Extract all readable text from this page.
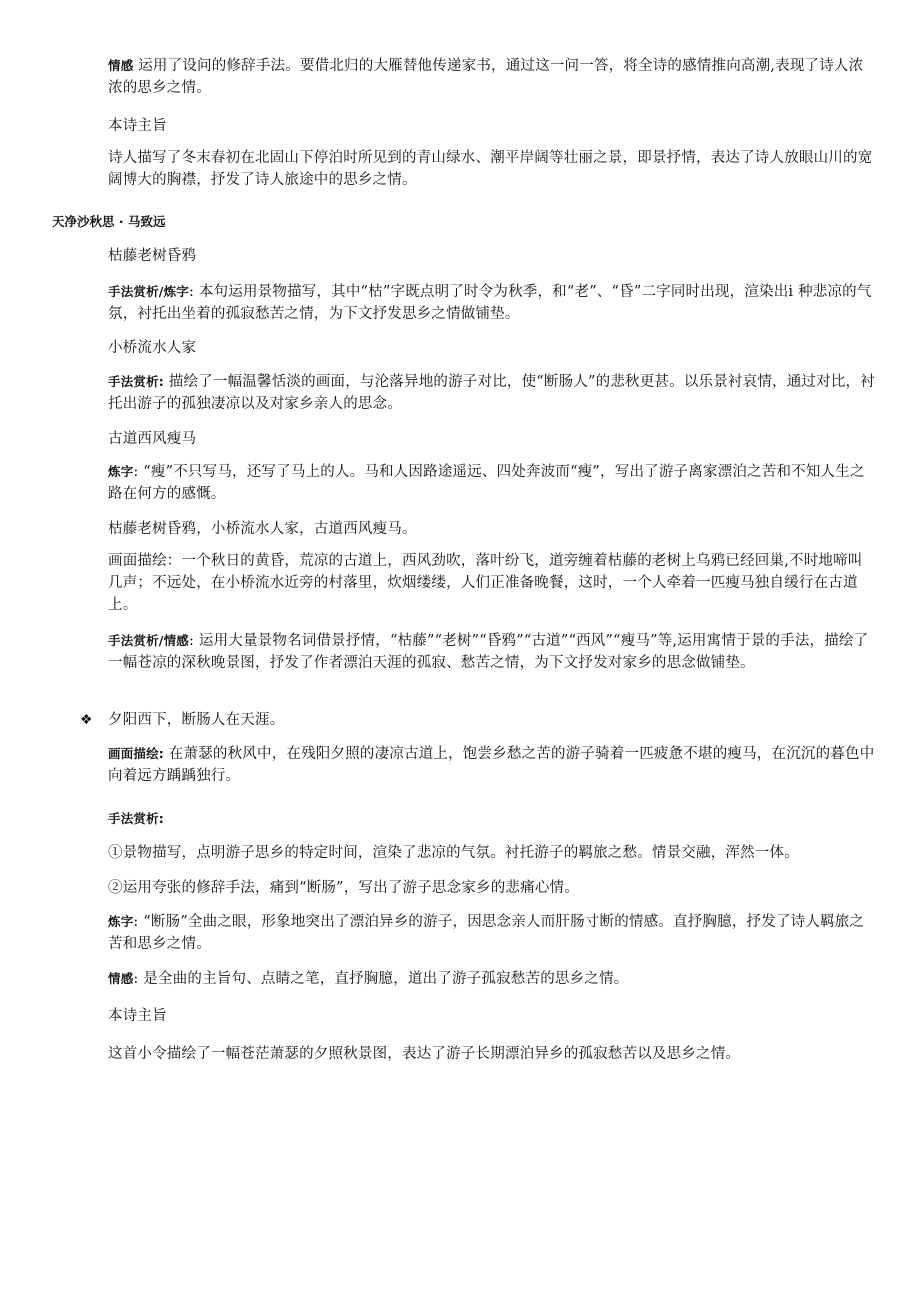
情感 运用了设问的修辞手法。要借北归的大雁替他传递家书，通过这一问一答，将全诗的感情推向高潮,表现了诗人浓浓的思乡之情。

本诗主旨

诗人描写了冬末春初在北固山下停泊时所见到的青山绿水、潮平岸阔等壮丽之景，即景抒情，表达了诗人放眼山川的宽阔博大的胸襟，抒发了诗人旅途中的思乡之情。

天净沙秋思 · 马致远

枯藤老树昏鸦

手法赏析/炼字: 本句运用景物描写，其中“枯”字既点明了时令为秋季，和“老”、“昏”二字同时出现，渲染出i 种悲凉的气氛，衬托出坐着的孤寂愁苦之情，为下文抒发思乡之情做铺垫。

小桥流水人家

手法赏析: 描绘了一幅温馨恬淡的画面，与沦落异地的游子对比，使“断肠人”的悲秋更甚。以乐景衬哀情，通过对比，衬托出游子的孤独凄凉以及对家乡亲人的思念。

古道西风瘦马

炼字: “瘦”不只写马，还写了马上的人。马和人因路途遥远、四处奔波而“瘦”，写出了游子离家漂泊之苦和不知人生之路在何方的感慨。

枯藤老树昏鸦，小桥流水人家，古道西风瘦马。

画面描绘：一个秋日的黄昏，荒凉的古道上，西风劲吹，落叶纷飞，道旁缠着枯藤的老树上乌鸦已经回巢,不时地啼叫几声；不远处，在小桥流水近旁的村落里，炊烟缕缕，人们正准备晚餐，这时，一个人牵着一匹瘦马独自缓行在古道上。

手法赏析/情感: 运用大量景物名词借景抒情，“枯藤”“老树”“昏鸦”“古道”“西风”“瘦马”等,运用寓情于景的手法，描绘了一幅苍凉的深秋晚景图，抒发了作者漂泊天涯的孤寂、愁苦之情，为下文抒发对家乡的思念做铺垫。

❖ 夕阳西下，断肠人在天涯。

画面描绘: 在萧瑟的秋风中，在残阳夕照的凄凉古道上，饱尝乡愁之苦的游子骑着一匹疲惫不堪的瘦马，在沉沉的暮色中向着远方踽踽独行。

手法赏析:

①景物描写，点明游子思乡的特定时间，渲染了悲凉的气氛。衬托游子的羁旅之愁。情景交融，浑然一体。

②运用夸张的修辞手法，痛到“断肠”，写出了游子思念家乡的悲痛心情。

炼字: “断肠”全曲之眼，形象地突出了漂泊异乡的游子，因思念亲人而肝肠寸断的情感。直抒胸臆，抒发了诗人羁旅之苦和思乡之情。

情感: 是全曲的主旨句、点睛之笔，直抒胸臆，道出了游子孤寂愁苦的思乡之情。

本诗主旨

这首小令描绘了一幅苍茫萧瑟的夕照秋景图，表达了游子长期漂泊异乡的孤寂愁苦以及思乡之情。
